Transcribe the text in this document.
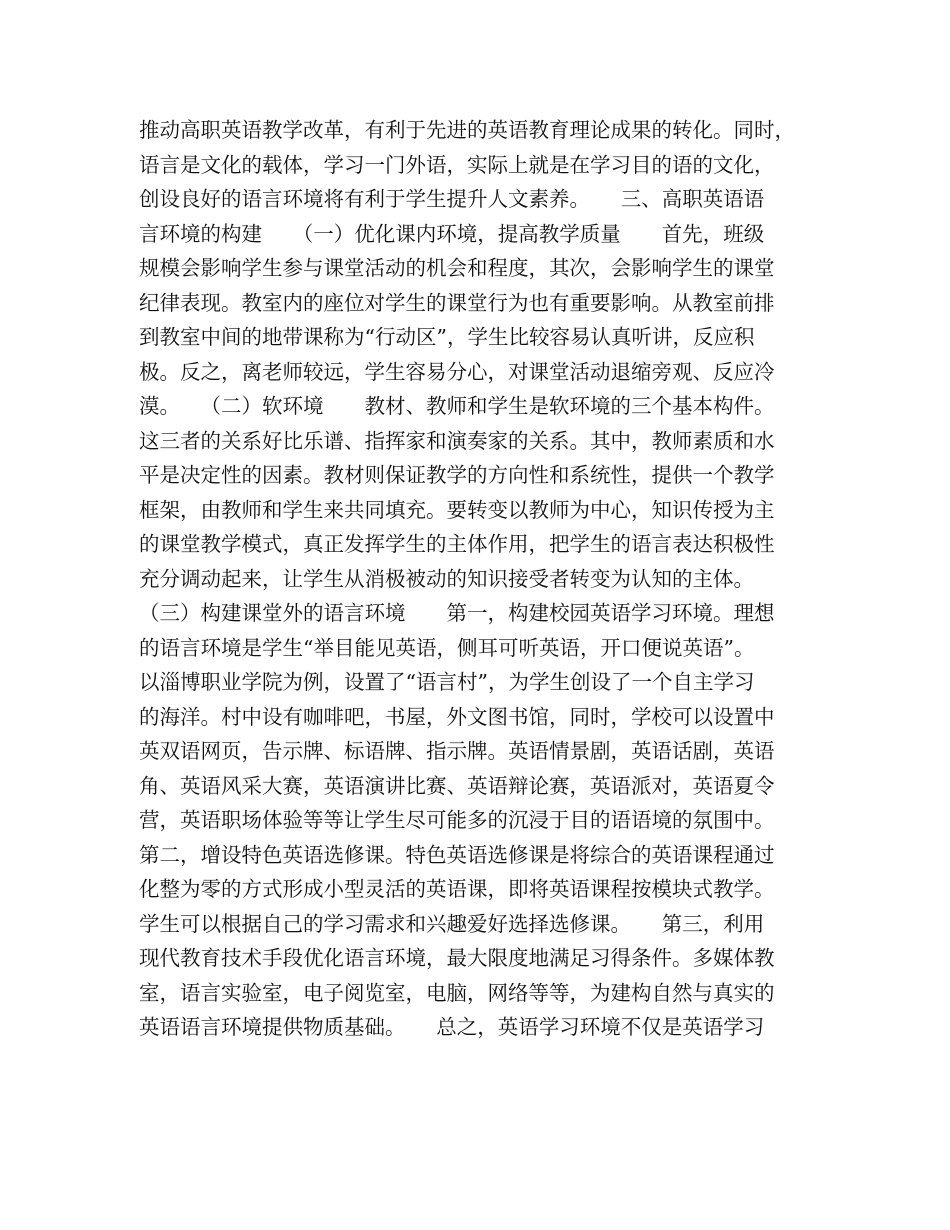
推动高职英语教学改革，有利于先进的英语教育理论成果的转化。同时，
语言是文化的载体，学习一门外语，实际上就是在学习目的语的文化，
创设良好的语言环境将有利于学生提升人文素养。　　三、高职英语语
言环境的构建　　（一）优化课内环境，提高教学质量　　首先，班级
规模会影响学生参与课堂活动的机会和程度，其次，会影响学生的课堂
纪律表现。教室内的座位对学生的课堂行为也有重要影响。从教室前排
到教室中间的地带课称为“行动区”，学生比较容易认真听讲，反应积
极。反之，离老师较远，学生容易分心，对课堂活动退缩旁观、反应冷
漠。　　（二）软环境　　教材、教师和学生是软环境的三个基本构件。
这三者的关系好比乐谱、指挥家和演奏家的关系。其中，教师素质和水
平是决定性的因素。教材则保证教学的方向性和系统性，提供一个教学
框架，由教师和学生来共同填充。要转变以教师为中心，知识传授为主
的课堂教学模式，真正发挥学生的主体作用，把学生的语言表达积极性
充分调动起来，让学生从消极被动的知识接受者转变为认知的主体。
（三）构建课堂外的语言环境　　第一，构建校园英语学习环境。理想
的语言环境是学生“举目能见英语，侧耳可听英语，开口便说英语”。
以淄博职业学院为例，设置了“语言村”，为学生创设了一个自主学习
的海洋。村中设有咖啡吧，书屋，外文图书馆，同时，学校可以设置中
英双语网页，告示牌、标语牌、指示牌。英语情景剧，英语话剧，英语
角、英语风采大赛，英语演讲比赛、英语辩论赛，英语派对，英语夏令
营，英语职场体验等等让学生尽可能多的沉浸于目的语语境的氛围中。
第二，增设特色英语选修课。特色英语选修课是将综合的英语课程通过
化整为零的方式形成小型灵活的英语课，即将英语课程按模块式教学。
学生可以根据自己的学习需求和兴趣爱好选择选修课。　　第三，利用
现代教育技术手段优化语言环境，最大限度地满足习得条件。多媒体教
室，语言实验室，电子阅览室，电脑，网络等等，为建构自然与真实的
英语语言环境提供物质基础。　　总之，英语学习环境不仅是英语学习
